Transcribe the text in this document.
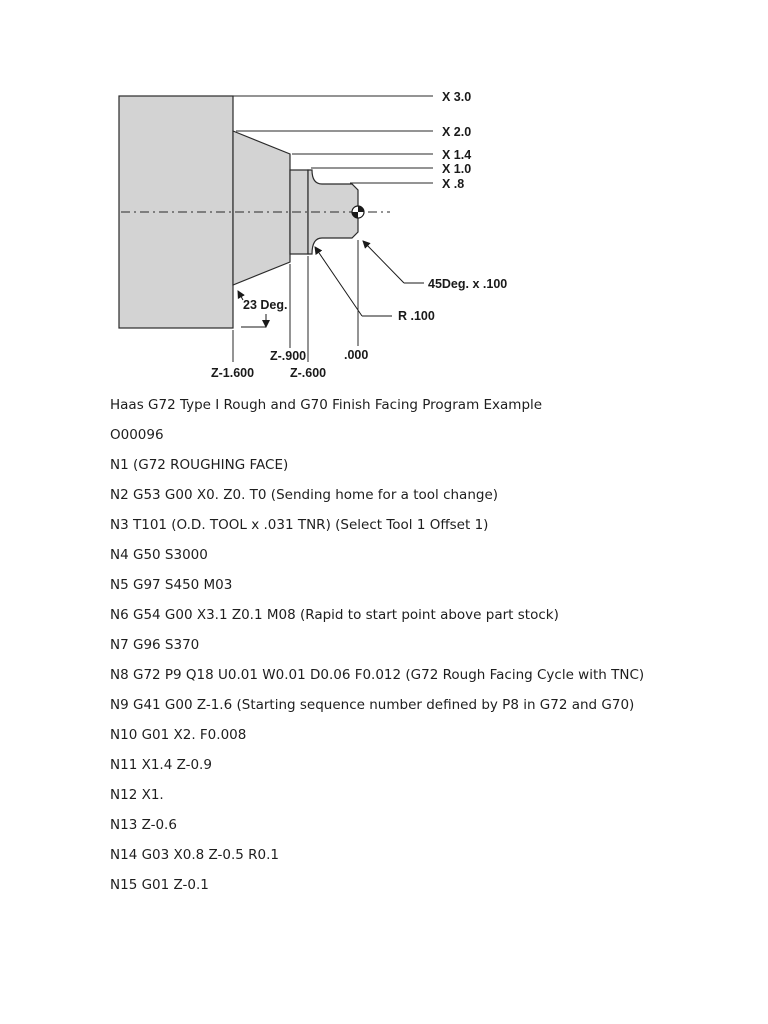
X 3.0
X 2.0
X 1.4
X 1.0
X .8
45Deg. x .100
R .100
23 Deg.
Z-1.600
Z-.900
Z-.600
.000

Haas G72 Type I Rough and G70 Finish Facing Program Example

O00096

N1 (G72 ROUGHING FACE)

N2 G53 G00 X0. Z0. T0 (Sending home for a tool change)

N3 T101 (O.D. TOOL x .031 TNR) (Select Tool 1 Offset 1)

N4 G50 S3000

N5 G97 S450 M03

N6 G54 G00 X3.1 Z0.1 M08 (Rapid to start point above part stock)

N7 G96 S370

N8 G72 P9 Q18 U0.01 W0.01 D0.06 F0.012 (G72 Rough Facing Cycle with TNC)

N9 G41 G00 Z-1.6 (Starting sequence number defined by P8 in G72 and G70)

N10 G01 X2. F0.008

N11 X1.4 Z-0.9

N12 X1.

N13 Z-0.6

N14 G03 X0.8 Z-0.5 R0.1

N15 G01 Z-0.1
